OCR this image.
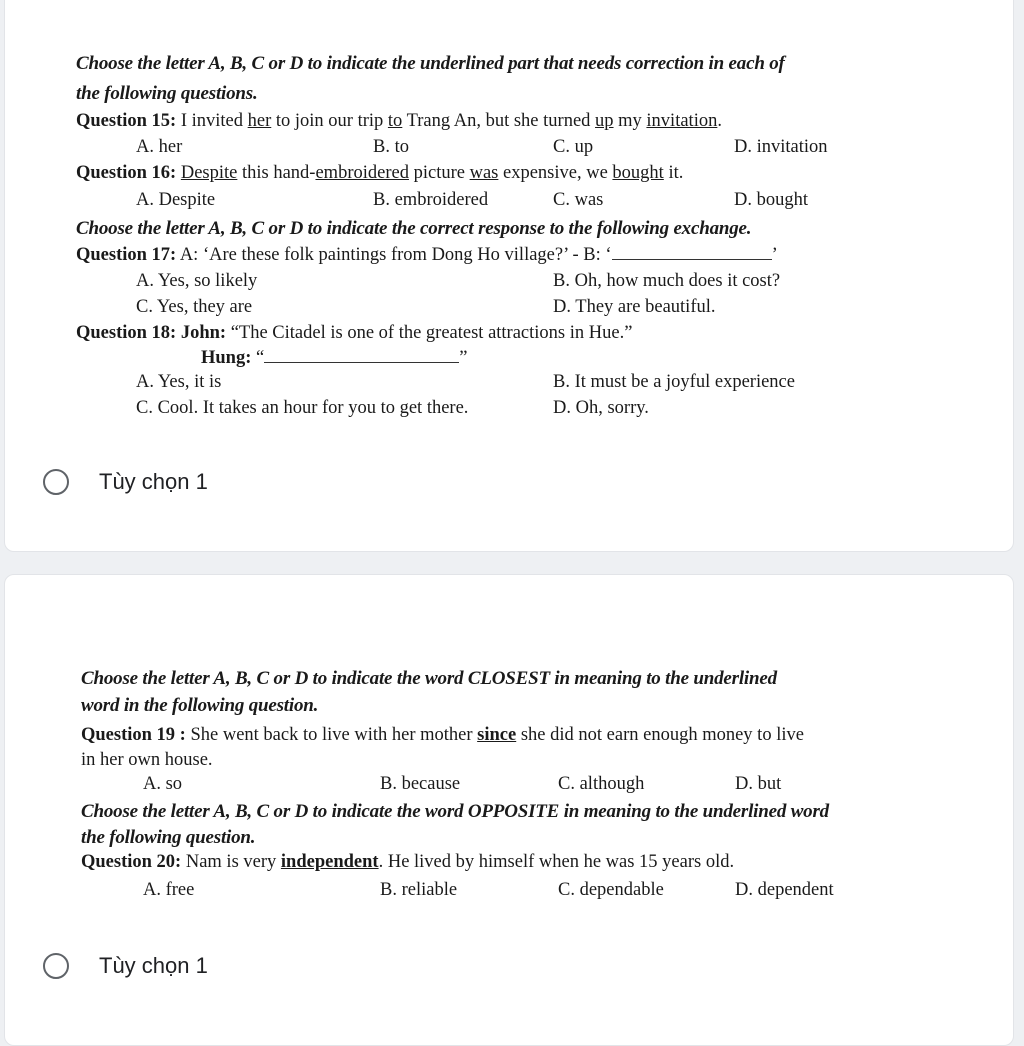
Choose the letter A, B, C or D to indicate the underlined part that needs correction in each of
the following questions.
Question 15: I invited her to join our trip to Trang An, but she turned up my invitation.
A. her	B. to	C. up	D. invitation
Question 16: Despite this hand-embroidered picture was expensive, we bought it.
A. Despite	B. embroidered	C. was	D. bought
Choose the letter A, B, C or D to indicate the correct response to the following exchange.
Question 17: A: ‘Are these folk paintings from Dong Ho village?’ - B: ‘	’
A. Yes, so likely	B. Oh, how much does it cost?
C. Yes, they are	D. They are beautiful.
Question 18: John: “The Citadel is one of the greatest attractions in Hue.”
Hung: “	”
A. Yes, it is	B. It must be a joyful experience
C. Cool. It takes an hour for you to get there.	D. Oh, sorry.
Tùy chọn 1
Choose the letter A, B, C or D to indicate the word CLOSEST in meaning to the underlined
word in the following question.
Question 19 : She went back to live with her mother since she did not earn enough money to live
in her own house.
A. so	B. because	C. although	D. but
Choose the letter A, B, C or D to indicate the word OPPOSITE in meaning to the underlined word
the following question.
Question 20: Nam is very independent. He lived by himself when he was 15 years old.
A. free	B. reliable	C. dependable	D. dependent
Tùy chọn 1
